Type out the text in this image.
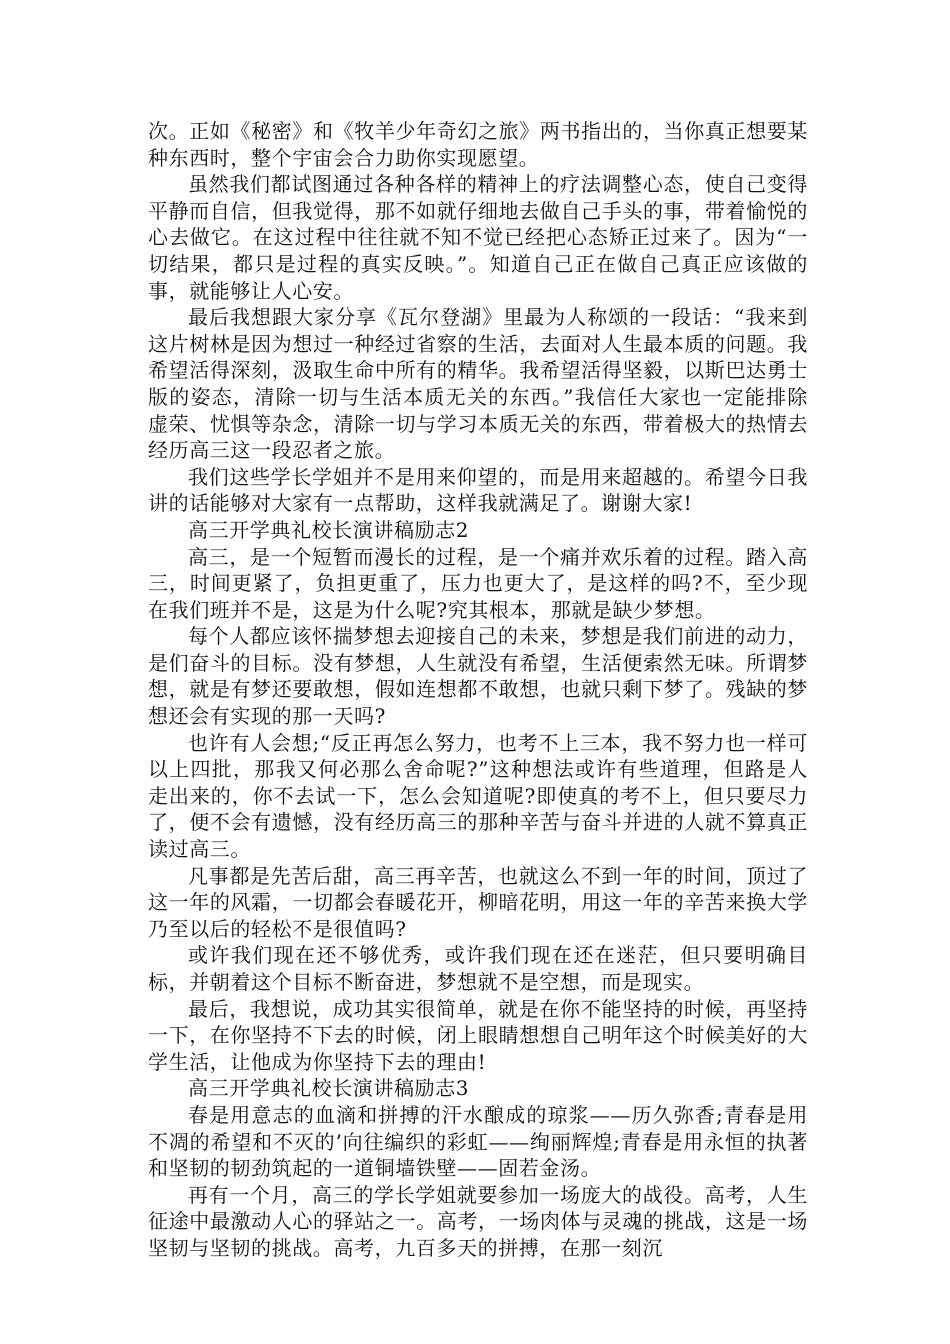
次。正如《秘密》和《牧羊少年奇幻之旅》两书指出的，当你真正想要某种东西时，整个宇宙会合力助你实现愿望。

虽然我们都试图通过各种各样的精神上的疗法调整心态，使自己变得平静而自信，但我觉得，那不如就仔细地去做自己手头的事，带着愉悦的心去做它。在这过程中往往就不知不觉已经把心态矫正过来了。因为“一切结果，都只是过程的真实反映。”。知道自己正在做自己真正应该做的事，就能够让人心安。

最后我想跟大家分享《瓦尔登湖》里最为人称颂的一段话：“我来到这片树林是因为想过一种经过省察的生活，去面对人生最本质的问题。我希望活得深刻，汲取生命中所有的精华。我希望活得坚毅，以斯巴达勇士版的姿态，清除一切与生活本质无关的东西。”我信任大家也一定能排除虚荣、忧惧等杂念，清除一切与学习本质无关的东西，带着极大的热情去经历高三这一段忍者之旅。

我们这些学长学姐并不是用来仰望的，而是用来超越的。希望今日我讲的话能够对大家有一点帮助，这样我就满足了。谢谢大家!

高三开学典礼校长演讲稿励志2

高三，是一个短暂而漫长的过程，是一个痛并欢乐着的过程。踏入高三，时间更紧了，负担更重了，压力也更大了，是这样的吗?不，至少现在我们班并不是，这是为什么呢?究其根本，那就是缺少梦想。

每个人都应该怀揣梦想去迎接自己的未来，梦想是我们前进的动力，是们奋斗的目标。没有梦想，人生就没有希望，生活便索然无味。所谓梦想，就是有梦还要敢想，假如连想都不敢想，也就只剩下梦了。残缺的梦想还会有实现的那一天吗?

也许有人会想;“反正再怎么努力，也考不上三本，我不努力也一样可以上四批，那我又何必那么舍命呢?”这种想法或许有些道理，但路是人走出来的，你不去试一下，怎么会知道呢?即使真的考不上，但只要尽力了，便不会有遗憾，没有经历高三的那种辛苦与奋斗并进的人就不算真正读过高三。

凡事都是先苦后甜，高三再辛苦，也就这么不到一年的时间，顶过了这一年的风霜，一切都会春暖花开，柳暗花明，用这一年的辛苦来换大学乃至以后的轻松不是很值吗?

或许我们现在还不够优秀，或许我们现在还在迷茫，但只要明确目标，并朝着这个目标不断奋进，梦想就不是空想，而是现实。

最后，我想说，成功其实很简单，就是在你不能坚持的时候，再坚持一下，在你坚持不下去的时候，闭上眼睛想想自己明年这个时候美好的大学生活，让他成为你坚持下去的理由!

高三开学典礼校长演讲稿励志3

春是用意志的血滴和拼搏的汗水酿成的琼浆——历久弥香;青春是用不凋的希望和不灭的’向往编织的彩虹——绚丽辉煌;青春是用永恒的执著和坚韧的韧劲筑起的一道铜墙铁壁——固若金汤。

再有一个月，高三的学长学姐就要参加一场庞大的战役。高考，人生征途中最激动人心的驿站之一。高考，一场肉体与灵魂的挑战，这是一场坚韧与坚韧的挑战。高考，九百多天的拼搏，在那一刻沉
